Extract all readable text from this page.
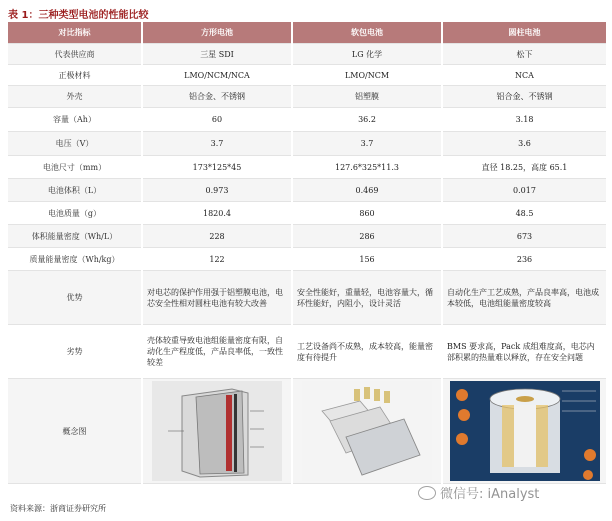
表 1：三种类型电池的性能比较
对比指标	方形电池	软包电池	圆柱电池
代表供应商	三星 SDI	LG 化学	松下
正极材料	LMO/NCM/NCA	LMO/NCM	NCA
外壳	铝合金、不锈钢	铝塑膜	铝合金、不锈钢
容量（Ah）	60	36.2	3.18
电压（V）	3.7	3.7	3.6
电池尺寸（mm）	173*125*45	127.6*325*11.3	直径 18.25，高度 65.1
电池体积（L）	0.973	0.469	0.017
电池质量（g）	1820.4	860	48.5
体积能量密度（Wh/L）	228	286	673
质量能量密度（Wh/kg）	122	156	236
优势	对电芯的保护作用强于铝塑膜电池，电芯安全性相对圆柱电池有较大改善	安全性能好，重量轻，电池容量大，循环性能好，内阻小，设计灵活	自动化生产工艺成熟，产品良率高，电池成本较低，电池组能量密度较高
劣势	壳体较重导致电池组能量密度有限，自动化生产程度低，产品良率低，一致性较差	工艺设备尚不成熟，成本较高，能量密度有待提升	BMS 要求高，Pack 成组难度高，电芯内部积累的热量难以释放，存在安全问题
概念图	

微信号: iAnalyst
资料来源：浙商证券研究所
